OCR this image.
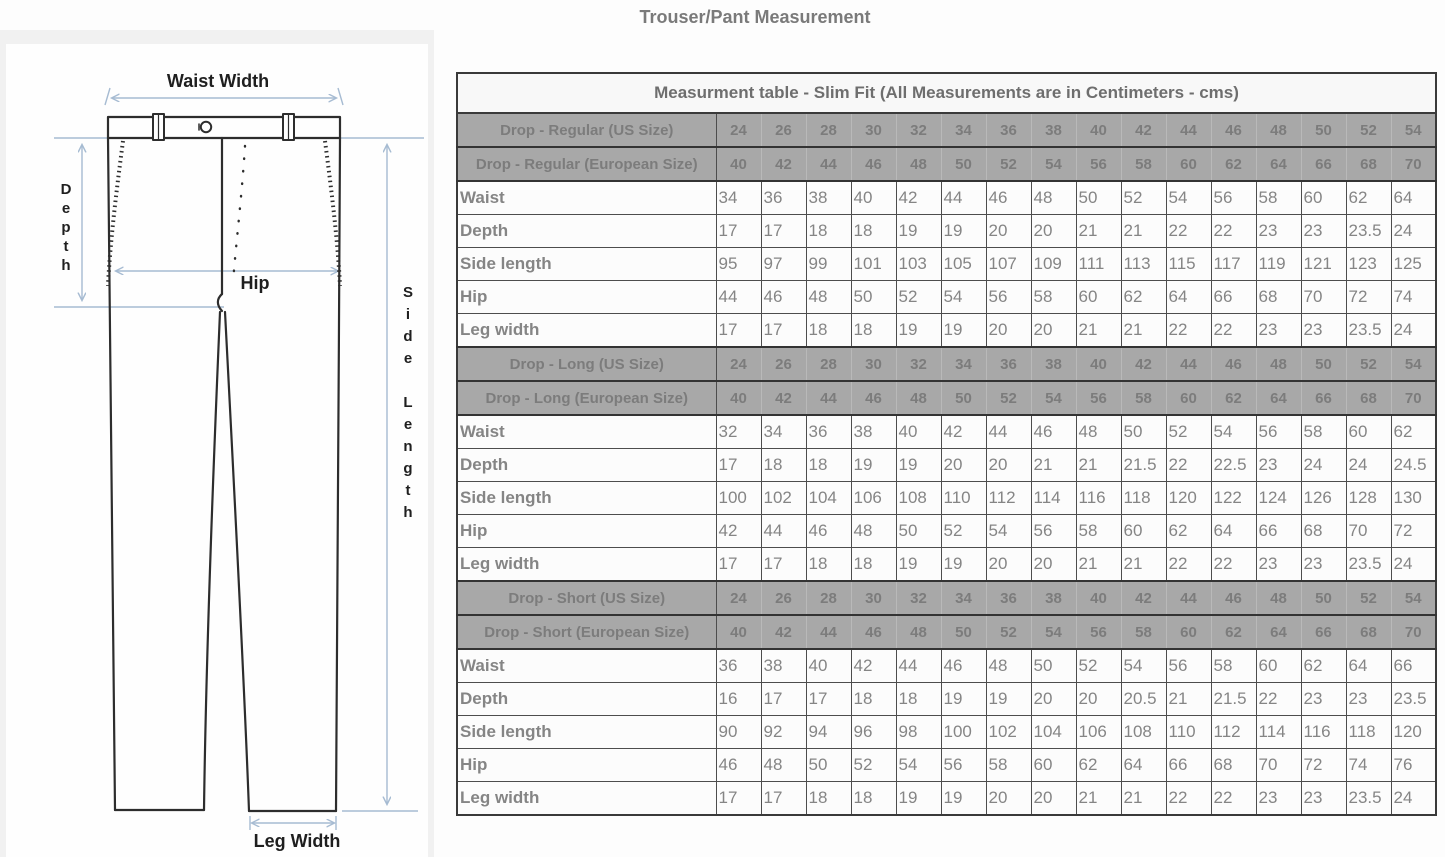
Trouser/Pant Measurement
Waist Width
D
e
p
t
h
Hip	S
i
d
e

L
e
n
g
t
h
Leg Width
Measurment table - Slim Fit (All Measurements are in Centimeters - cms)																
Drop - Regular (US Size)	24	26	28	30	32	34	36	38	40	42	44	46	48	50	52	54
Drop - Regular (European Size)	40	42	44	46	48	50	52	54	56	58	60	62	64	66	68	70
Waist	34	36	38	40	42	44	46	48	50	52	54	56	58	60	62	64
Depth	17	17	18	18	19	19	20	20	21	21	22	22	23	23	23.5	24
Side length	95	97	99	101	103	105	107	109	111	113	115	117	119	121	123	125
Hip	44	46	48	50	52	54	56	58	60	62	64	66	68	70	72	74
Leg width	17	17	18	18	19	19	20	20	21	21	22	22	23	23	23.5	24
Drop - Long (US Size)	24	26	28	30	32	34	36	38	40	42	44	46	48	50	52	54
Drop - Long (European Size)	40	42	44	46	48	50	52	54	56	58	60	62	64	66	68	70
Waist	32	34	36	38	40	42	44	46	48	50	52	54	56	58	60	62
Depth	17	18	18	19	19	20	20	21	21	21.5	22	22.5	23	24	24	24.5
Side length	100	102	104	106	108	110	112	114	116	118	120	122	124	126	128	130
Hip	42	44	46	48	50	52	54	56	58	60	62	64	66	68	70	72
Leg width	17	17	18	18	19	19	20	20	21	21	22	22	23	23	23.5	24
Drop - Short (US Size)	24	26	28	30	32	34	36	38	40	42	44	46	48	50	52	54
Drop - Short (European Size)	40	42	44	46	48	50	52	54	56	58	60	62	64	66	68	70
Waist	36	38	40	42	44	46	48	50	52	54	56	58	60	62	64	66
Depth	16	17	17	18	18	19	19	20	20	20.5	21	21.5	22	23	23	23.5
Side length	90	92	94	96	98	100	102	104	106	108	110	112	114	116	118	120
Hip	46	48	50	52	54	56	58	60	62	64	66	68	70	72	74	76
Leg width	17	17	18	18	19	19	20	20	21	21	22	22	23	23	23.5	24
